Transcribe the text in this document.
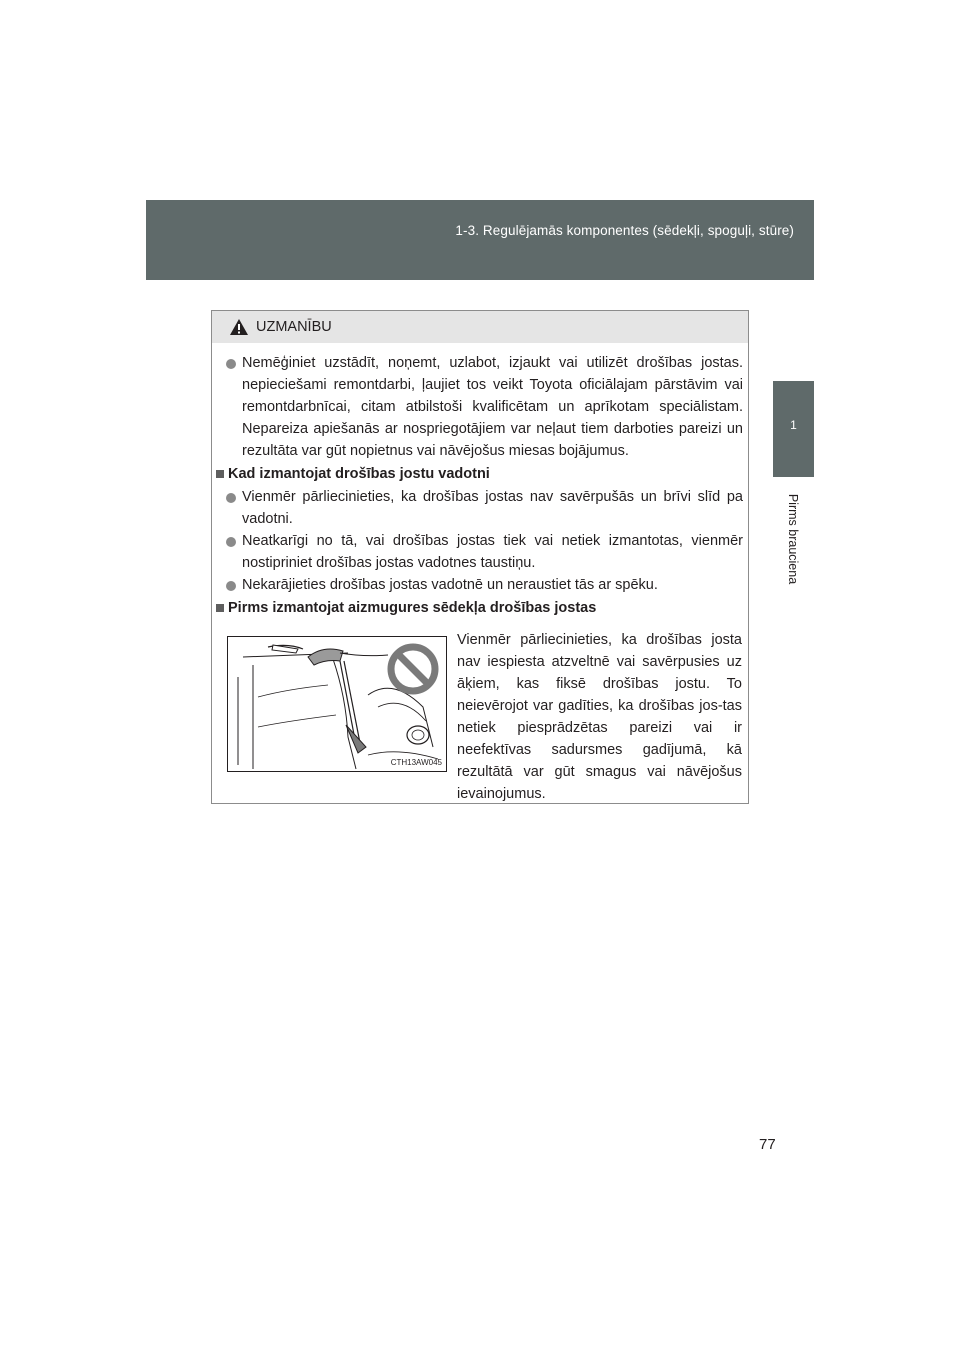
1-3. Regulējamās komponentes (sēdekļi, spoguļi, stūre)
1
Pirms brauciena
UZMANĪBU
Nemēģiniet uzstādīt, noņemt, uzlabot, izjaukt vai utilizēt drošības jostas. nepieciešami remontdarbi, ļaujiet tos veikt Toyota oficiālajam pārstāvim vai remontdarbnīcai, citam atbilstoši kvalificētam un aprīkotam speciālistam. Nepareiza apiešanās ar nospriegotājiem var neļaut tiem darboties pareizi un rezultāta var gūt nopietnus vai nāvējošus miesas bojājumus.
Kad izmantojat drošības jostu vadotni
Vienmēr pārliecinieties, ka drošības jostas nav savērpušās un brīvi slīd pa vadotni.
Neatkarīgi no tā, vai drošības jostas tiek vai netiek izmantotas, vienmēr nostipriniet drošības jostas vadotnes taustiņu.
Nekarājieties drošības jostas vadotnē un neraustiet tās ar spēku.
Pirms izmantojat aizmugures sēdekļa drošības jostas
CTH13AW045
Vienmēr pārliecinieties, ka drošības josta nav iespiesta atzveltnē vai savērpusies uz āķiem, kas fiksē drošības jostu. To neievērojot var gadīties, ka drošības jos-tas netiek piesprādzētas pareizi vai ir neefektīvas sadursmes gadījumā, kā rezultātā var gūt smagus vai nāvējošus ievainojumus.
77
